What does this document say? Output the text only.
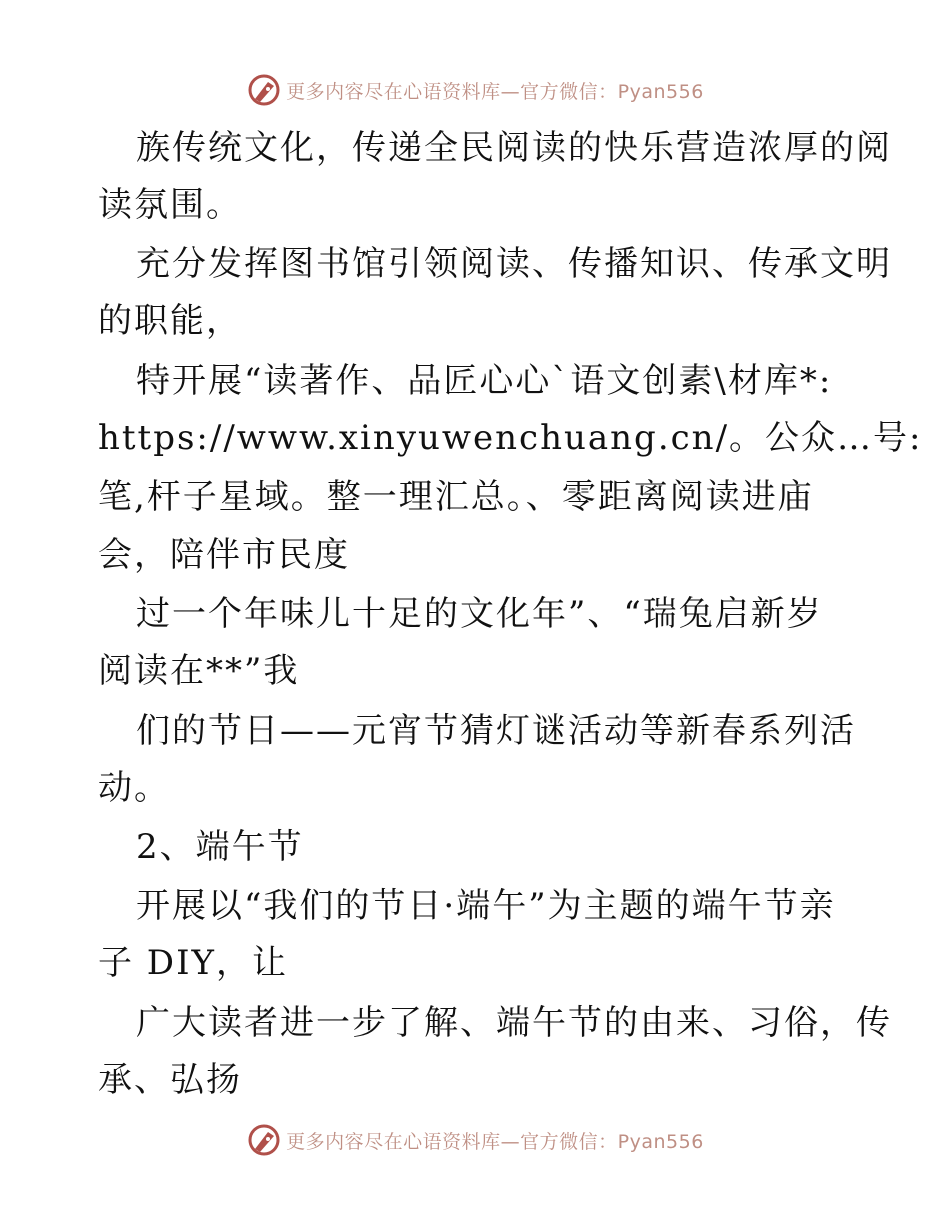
更多内容尽在心语资料库—官方微信：Pyan556

族传统文化，传递全民阅读的快乐营造浓厚的阅

读氛围。

充分发挥图书馆引领阅读、传播知识、传承文明

的职能，

特开展“读著作、品匠心心`语文创素\材库*:

https://www.xinyuwenchuang.cn/。公众…号:

笔,杆子星域。整一理汇总。、零距离阅读进庙

会，陪伴市民度

过一个年味儿十足的文化年”、“瑞兔启新岁

阅读在**”我

们的节日——元宵节猜灯谜活动等新春系列活

动。

2、端午节

开展以“我们的节日·端午”为主题的端午节亲

子 DIY，让

广大读者进一步了解、端午节的由来、习俗，传

承、弘扬

更多内容尽在心语资料库—官方微信：Pyan556
